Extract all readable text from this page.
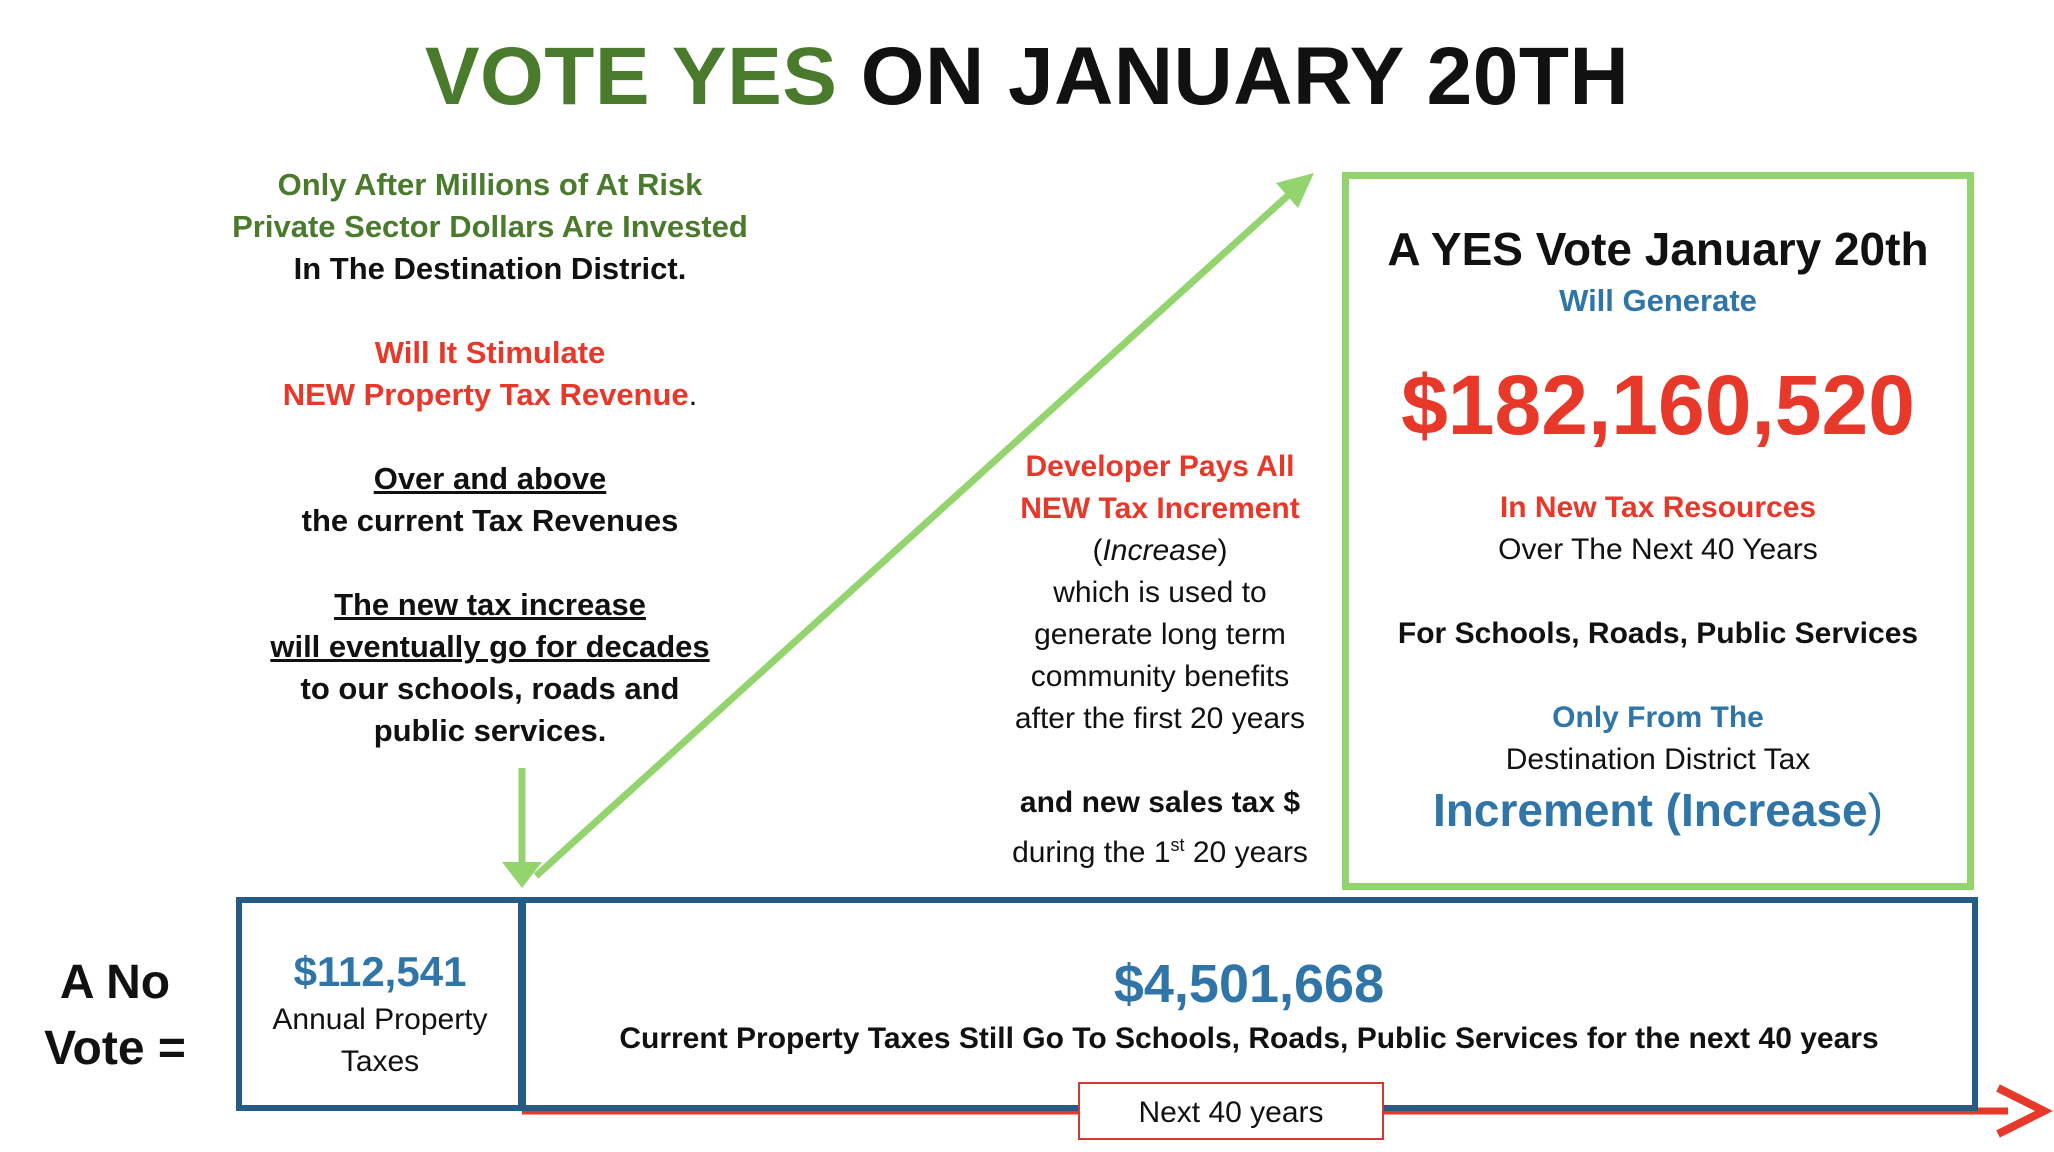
VOTE YES ON JANUARY 20TH

Only After Millions of At Risk
Private Sector Dollars Are Invested
In The Destination District.

Will It Stimulate
NEW Property Tax Revenue.

Over and above
the current Tax Revenues

The new tax increase
will eventually go for decades
to our schools, roads and
public services.

Developer Pays All
NEW Tax Increment
(Increase)
which is used to
generate long term
community benefits
after the first 20 years

and new sales tax $
during the 1st 20 years

A YES Vote January 20th
Will Generate
$182,160,520
In New Tax Resources
Over The Next 40 Years
For Schools, Roads, Public Services
Only From The
Destination District Tax
Increment (Increase)
A No
Vote =
$112,541
Annual Property
Taxes
$4,501,668
Current Property Taxes Still Go To Schools, Roads, Public Services for the next 40 years
Next 40 years
